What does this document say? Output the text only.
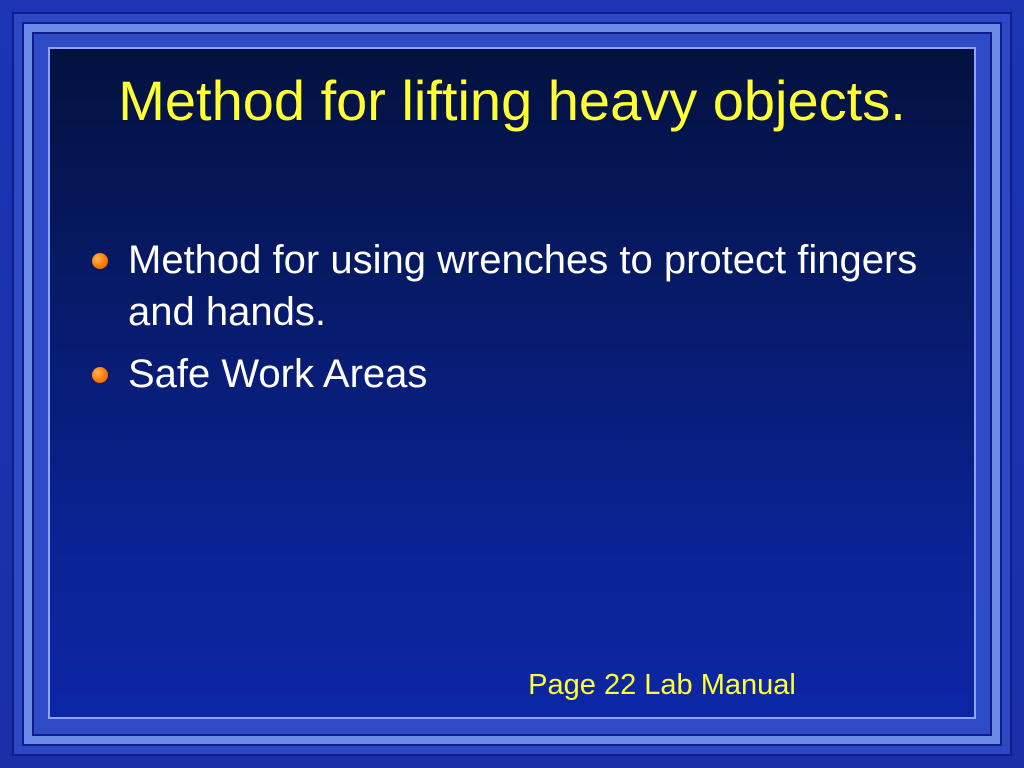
Method for lifting heavy objects.
Method for using wrenches to protect fingers and hands.
Safe Work Areas
Page 22 Lab Manual
